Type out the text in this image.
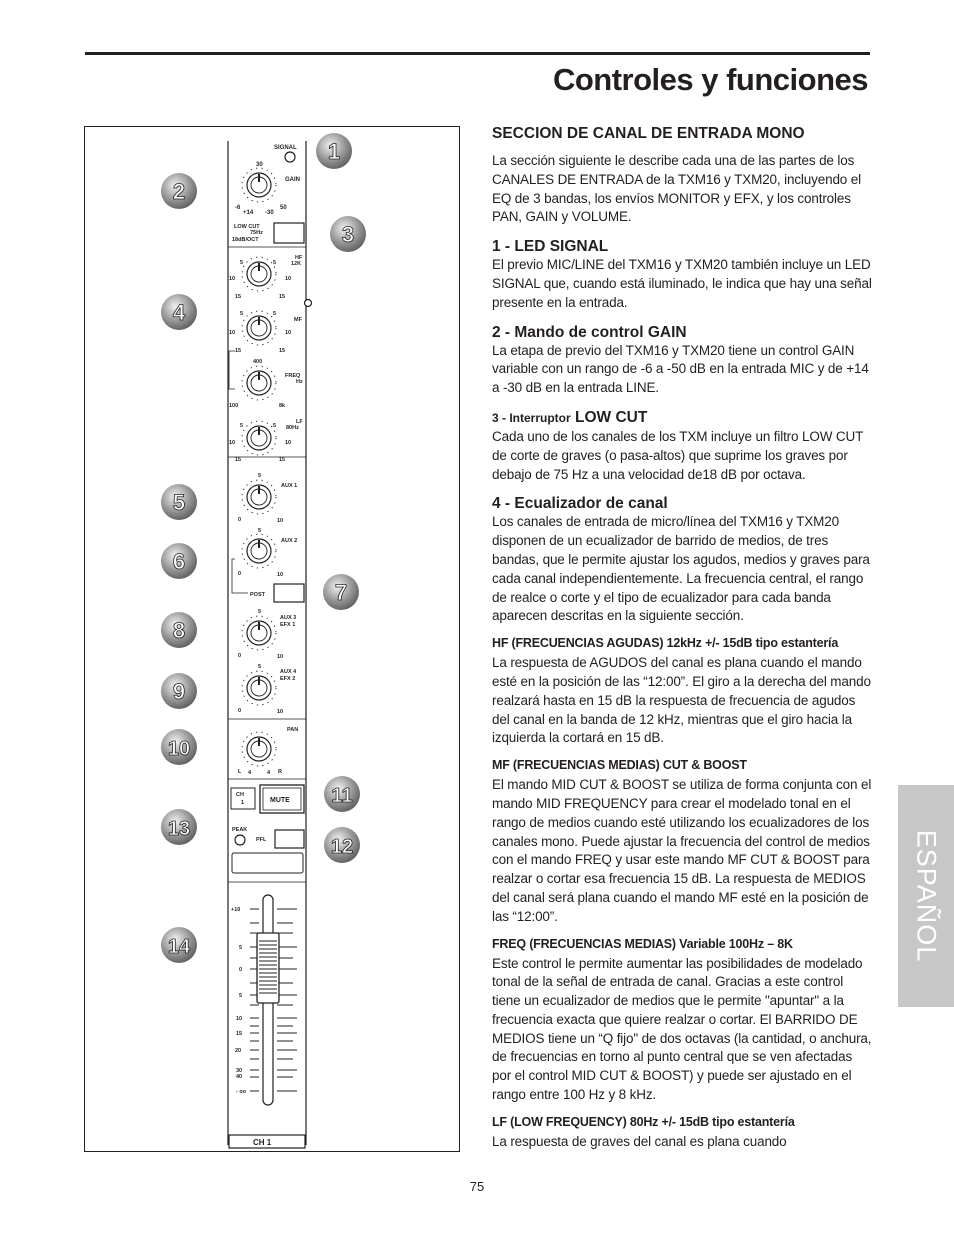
Controles y funciones
SIGNAL
30
GAIN
-6
+14 -30
50
LOW CUT
75Hz
18dB/OCT
HF
12K
5	5
10	10
15	15
5	5
MF
10	10
15	15
400
FREQ
Hz
100	8k
LF
80Hz
5	5
10	10
15	15
5
AUX 1
0	10
5
AUX 2
0	10
POST
AUX 3
EFX 1
5
0	10
AUX 4
EFX 2
5
0	10
PAN
L 4	4 R
CH
1	MUTE
PEAK
PFL
+10
5
0
5
10
15
20
30
40
- oo
CH 1
1
2
3
4
5
6
7
8
9
10
11
12
13
14
SECCION DE CANAL DE ENTRADA MONO

La sección siguiente le describe cada una de las partes de los CANALES DE ENTRADA de la TXM16 y TXM20, incluyendo el EQ de 3 bandas, los envíos MONITOR y EFX, y los controles PAN, GAIN y VOLUME.

1 - LED SIGNAL

El previo MIC/LINE del TXM16 y TXM20 también incluye un LED SIGNAL que, cuando está iluminado, le indica que hay una señal presente en la entrada.

2 - Mando de control GAIN

La etapa de previo del TXM16 y TXM20 tiene un control GAIN variable con un rango de -6 a -50 dB en la entrada MIC y de +14 a -30 dB en la entrada LINE.

3 - Interruptor LOW CUT

Cada uno de los canales de los TXM incluye un filtro LOW CUT de corte de graves (o pasa-altos) que suprime los graves por debajo de 75 Hz a una velocidad de18 dB por octava.

4 - Ecualizador de canal

Los canales de entrada de micro/línea del TXM16 y TXM20 disponen de un ecualizador de barrido de medios, de tres bandas, que le permite ajustar los agudos, medios y graves para cada canal independientemente. La frecuencia central, el rango de realce o corte y el tipo de ecualizador para cada banda aparecen descritas en la siguiente sección.

HF (FRECUENCIAS AGUDAS) 12kHz +/- 15dB tipo estantería

La respuesta de AGUDOS del canal es plana cuando el mando esté en la posición de las “12:00”. El giro a la derecha del mando realzará hasta en 15 dB la respuesta de frecuencia de agudos del canal en la banda de 12 kHz, mientras que el giro hacia la izquierda la cortará en 15 dB.

MF (FRECUENCIAS MEDIAS) CUT & BOOST

El mando MID CUT & BOOST se utiliza de forma conjunta con el mando MID FREQUENCY para crear el modelado tonal en el rango de medios cuando esté utilizando los ecualizadores de los canales mono. Puede ajustar la frecuencia del control de medios con el mando FREQ y usar este mando MF CUT & BOOST para realzar o cortar esa frecuencia 15 dB. La respuesta de MEDIOS del canal será plana cuando el mando MF esté en la posición de las “12:00”.

FREQ (FRECUENCIAS MEDIAS) Variable 100Hz – 8K

Este control le permite aumentar las posibilidades de modelado tonal de la señal de entrada de canal. Gracias a este control tiene un ecualizador de medios que le permite "apuntar" a la frecuencia exacta que quiere realzar o cortar. El BARRIDO DE MEDIOS tiene un “Q fijo" de dos octavas (la cantidad, o anchura, de frecuencias en torno al punto central que se ven afectadas por el control MID CUT & BOOST) y puede ser ajustado en el rango entre 100 Hz y 8 kHz.

LF (LOW FREQUENCY) 80Hz +/- 15dB tipo estantería

La respuesta de graves del canal es plana cuando

ESPAÑOL
75
